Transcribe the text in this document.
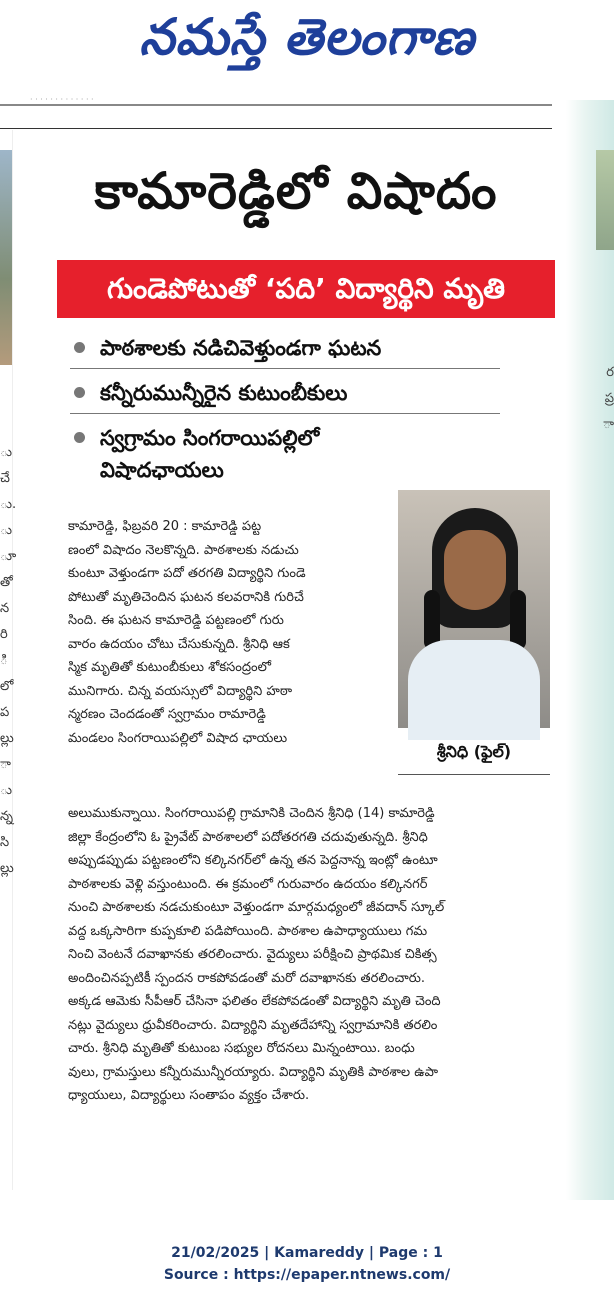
నమస్తే తెలంగాణ
· · · · · · · · · · · · ·
ు
చే
ు.
ు
ూ
తో
న
రి
ి
లో
ప
ల్లు
ా
ు
న్న
సి
ల్లు
ర
ప్ర
ా
కామారెడ్డిలో విషాదం
గుండెపోటుతో ‘పది’ విద్యార్థిని మృతి
పాఠశాలకు నడిచివెళ్తుండగా ఘటన
కన్నీరుమున్నీరైన కుటుంబీకులు
స్వగ్రామం సింగరాయిపల్లిలో విషాదఛాయలు
శ్రీనిధి (ఫైల్)
కామారెడ్డి, ఫిబ్రవరి 20 : కామారెడ్డి పట్ట
ణంలో విషాదం నెలకొన్నది. పాఠశాలకు నడుచు
కుంటూ వెళ్తుండగా పదో తరగతి విద్యార్థిని గుండె
పోటుతో మృతిచెందిన ఘటన కలవరానికి గురిచే
సింది. ఈ ఘటన కామారెడ్డి పట్టణంలో గురు
వారం ఉదయం చోటు చేసుకున్నది. శ్రీనిధి ఆక
స్మిక మృతితో కుటుంబీకులు శోకసంద్రంలో
మునిగారు. చిన్న వయస్సులో విద్యార్థిని హఠా
న్మరణం చెందడంతో స్వగ్రామం రామారెడ్డి
మండలం సింగరాయిపల్లిలో విషాద ఛాయలు
అలుముకున్నాయి. సింగరాయిపల్లి గ్రామానికి చెందిన శ్రీనిధి (14) కామారెడ్డి
జిల్లా కేంద్రంలోని ఓ ప్రైవేట్ పాఠశాలలో పదోతరగతి చదువుతున్నది. శ్రీనిధి
అప్పుడప్పుడు పట్టణంలోని కల్కినగర్‌లో ఉన్న తన పెద్దనాన్న ఇంట్లో ఉంటూ
పాఠశాలకు వెళ్లి వస్తుంటుంది. ఈ క్రమంలో గురువారం ఉదయం కల్కినగర్
నుంచి పాఠశాలకు నడచుకుంటూ వెళ్తుండగా మార్గమధ్యంలో జీవదాన్ స్కూల్
వద్ద ఒక్కసారిగా కుప్పకూలి పడిపోయింది. పాఠశాల ఉపాధ్యాయులు గమ
నించి వెంటనే దవాఖానకు తరలించారు. వైద్యులు పరీక్షించి ప్రాథమిక చికిత్స
అందించినప్పటికీ స్పందన రాకపోవడంతో మరో దవాఖానకు తరలించారు.
అక్కడ ఆమెకు సీపీఆర్ చేసినా ఫలితం లేకపోవడంతో విద్యార్థిని మృతి చెంది
నట్లు వైద్యులు ధ్రువీకరించారు. విద్యార్థిని మృతదేహాన్ని స్వగ్రామానికి తరలిం
చారు. శ్రీనిధి మృతితో కుటుంబ సభ్యుల రోదనలు మిన్నంటాయి. బంధు
వులు, గ్రామస్తులు కన్నీరుమున్నీరయ్యారు. విద్యార్థిని మృతికి పాఠశాల ఉపా
ధ్యాయులు, విద్యార్థులు సంతాపం వ్యక్తం చేశారు.
21/02/2025 | Kamareddy | Page : 1
Source : https://epaper.ntnews.com/
